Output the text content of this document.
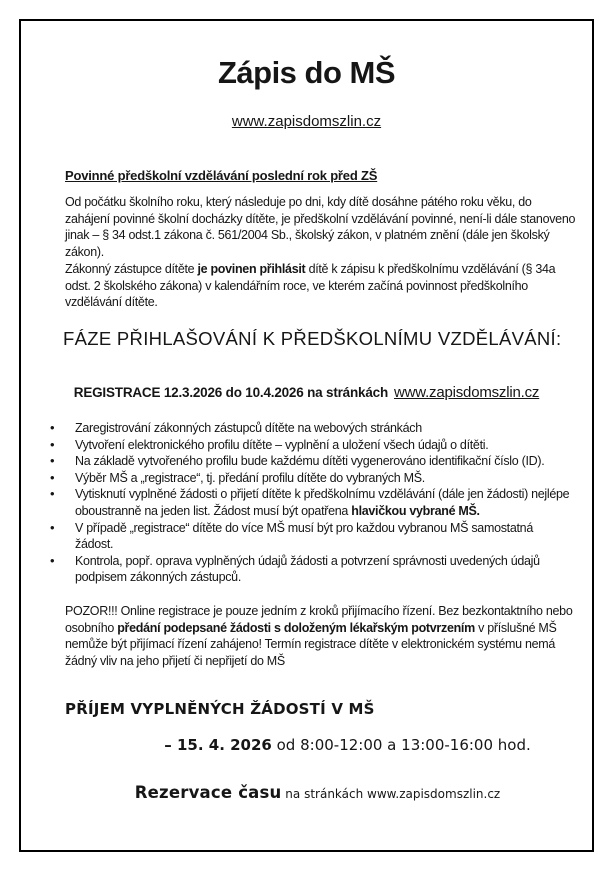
Zápis do MŠ
www.zapisdomszlin.cz
Povinné předškolní vzdělávání poslední rok před ZŠ

Od počátku školního roku, který následuje po dni, kdy dítě dosáhne pátého roku věku, do zahájení povinné školní docházky dítěte, je předškolní vzdělávání povinné, není-li dále stanoveno jinak – § 34 odst.1 zákona č. 561/2004 Sb., školský zákon, v platném znění (dále jen školský zákon).

Zákonný zástupce dítěte je povinen přihlásit dítě k zápisu k předškolnímu vzdělávání (§ 34a odst. 2 školského zákona) v kalendářním roce, ve kterém začíná povinnost předškolního vzdělávání dítěte.

FÁZE PŘIHLAŠOVÁNÍ K PŘEDŠKOLNÍMU VZDĚLÁVÁNÍ:
REGISTRACE 12.3.2026 do 10.4.2026 na stránkách www.zapisdomszlin.cz
• Zaregistrování zákonných zástupců dítěte na webových stránkách
• Vytvoření elektronického profilu dítěte – vyplnění a uložení všech údajů o dítěti.
• Na základě vytvořeného profilu bude každému dítěti vygenerováno identifikační číslo (ID).
• Výběr MŠ a „registrace“, tj. předání profilu dítěte do vybraných MŠ.
• Vytisknutí vyplněné žádosti o přijetí dítěte k předškolnímu vzdělávání (dále jen žádosti) nejlépe oboustranně na jeden list. Žádost musí být opatřena hlavičkou vybrané MŠ.
• V případě „registrace“ dítěte do více MŠ musí být pro každou vybranou MŠ samostatná žádost.
• Kontrola, popř. oprava vyplněných údajů žádosti a potvrzení správnosti uvedených údajů podpisem zákonných zástupců.

POZOR!!! Online registrace je pouze jedním z kroků přijímacího řízení. Bez bezkontaktního nebo osobního předání podepsané žádosti s doloženým lékařským potvrzením v příslušné MŠ nemůže být přijímací řízení zahájeno! Termín registrace dítěte v elektronickém systému nemá žádný vliv na jeho přijetí či nepřijetí do MŠ

PŘÍJEM VYPLNĚNÝCH ŽÁDOSTÍ V MŠ
– 15. 4. 2026 od 8:00-12:00 a 13:00-16:00 hod.
Rezervace času na stránkách www.zapisdomszlin.cz
